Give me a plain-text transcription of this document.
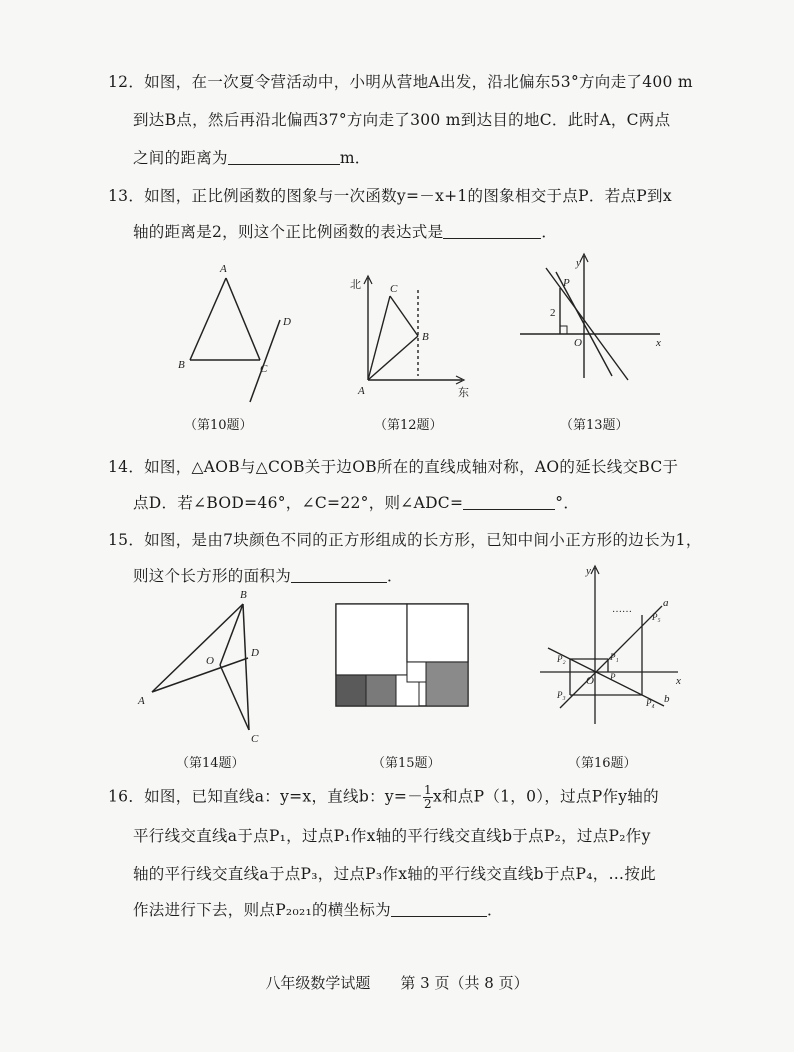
12．如图，在一次夏令营活动中，小明从营地A出发，沿北偏东53°方向走了400 m
到达B点，然后再沿北偏西37°方向走了300 m到达目的地C．此时A，C两点
之间的距离为	m．
13．如图，正比例函数的图象与一次函数y=－x+1的图象相交于点P．若点P到x
轴的距离是2，则这个正比例函数的表达式是	．
A
B	C
D
北
东
A
B
C
y
x
P
O
2
（第10题）	（第12题）	（第13题）
14．如图，△AOB与△COB关于边OB所在的直线成轴对称，AO的延长线交BC于
点D．若∠BOD=46°，∠C=22°，则∠ADC=	°．
15．如图，是由7块颜色不同的正方形组成的长方形，已知中间小正方形的边长为1，
则这个长方形的面积为	．
B
A
O
D
C
y
x
a
b
O P
P₁
P₂
P₃
P₄
P₅
……
（第14题）	（第15题）	（第16题）
16．如图，已知直线a：y=x，直线b：$y=- \frac{1}{2}$ x和点P（1，0），过点P作y轴的
平行线交直线a于点P₁，过点P₁作x轴的平行线交直线b于点P₂，过点P₂作y
轴的平行线交直线a于点P₃，过点P₃作x轴的平行线交直线b于点P₄，…按此
作法进行下去，则点P₂₀₂₁的横坐标为	．
八年级数学试题　　第 3 页（共 8 页）
